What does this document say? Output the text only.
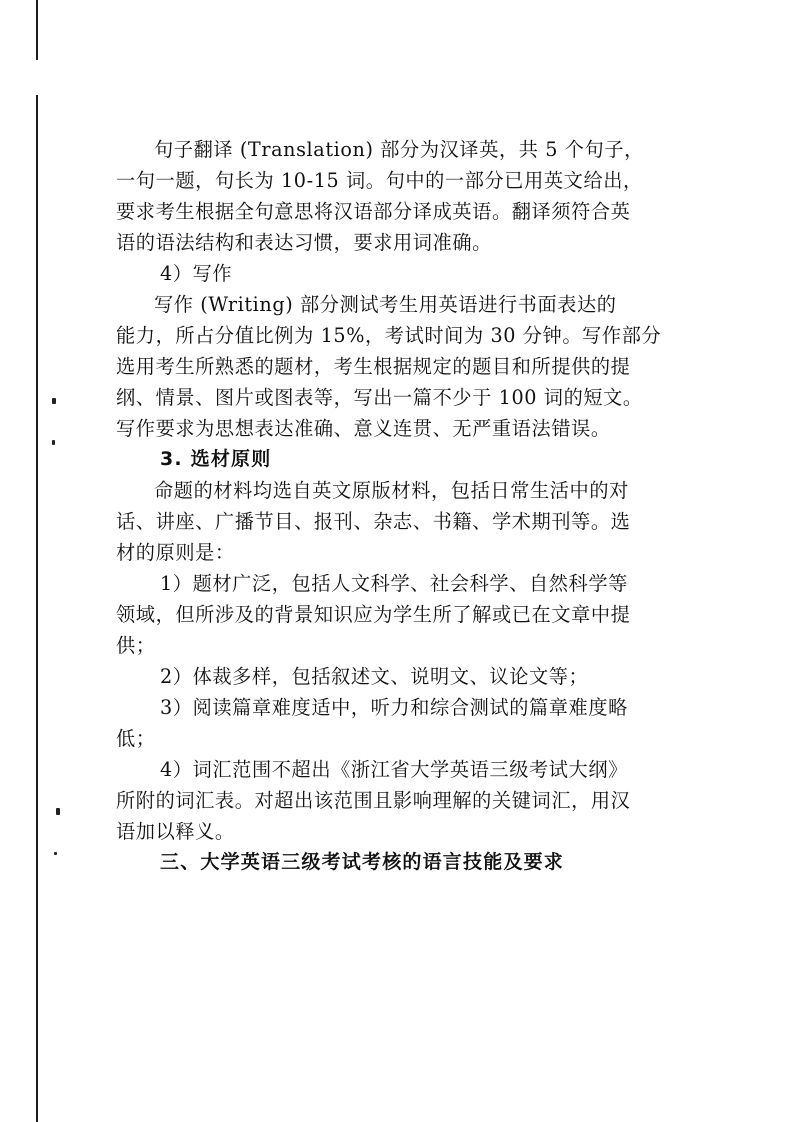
句子翻译 (Translation) 部分为汉译英，共 5 个句子，
一句一题，句长为 10-15 词。句中的一部分已用英文给出，
要求考生根据全句意思将汉语部分译成英语。翻译须符合英
语的语法结构和表达习惯，要求用词准确。
4）写作
写作 (Writing) 部分测试考生用英语进行书面表达的
能力，所占分值比例为 15%，考试时间为 30 分钟。写作部分
选用考生所熟悉的题材，考生根据规定的题目和所提供的提
纲、情景、图片或图表等，写出一篇不少于 100 词的短文。
写作要求为思想表达准确、意义连贯、无严重语法错误。
3. 选材原则
命题的材料均选自英文原版材料，包括日常生活中的对
话、讲座、广播节目、报刊、杂志、书籍、学术期刊等。选
材的原则是：
1）题材广泛，包括人文科学、社会科学、自然科学等
领域，但所涉及的背景知识应为学生所了解或已在文章中提
供；
2）体裁多样，包括叙述文、说明文、议论文等；
3）阅读篇章难度适中，听力和综合测试的篇章难度略
低；
4）词汇范围不超出《浙江省大学英语三级考试大纲》
所附的词汇表。对超出该范围且影响理解的关键词汇，用汉
语加以释义。
三、大学英语三级考试考核的语言技能及要求
